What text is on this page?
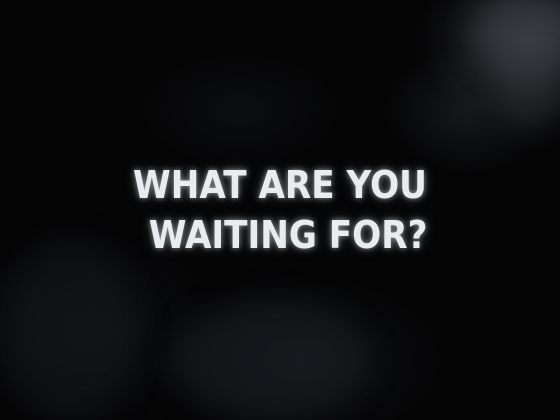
WHAT ARE YOU
WAITING FOR?
